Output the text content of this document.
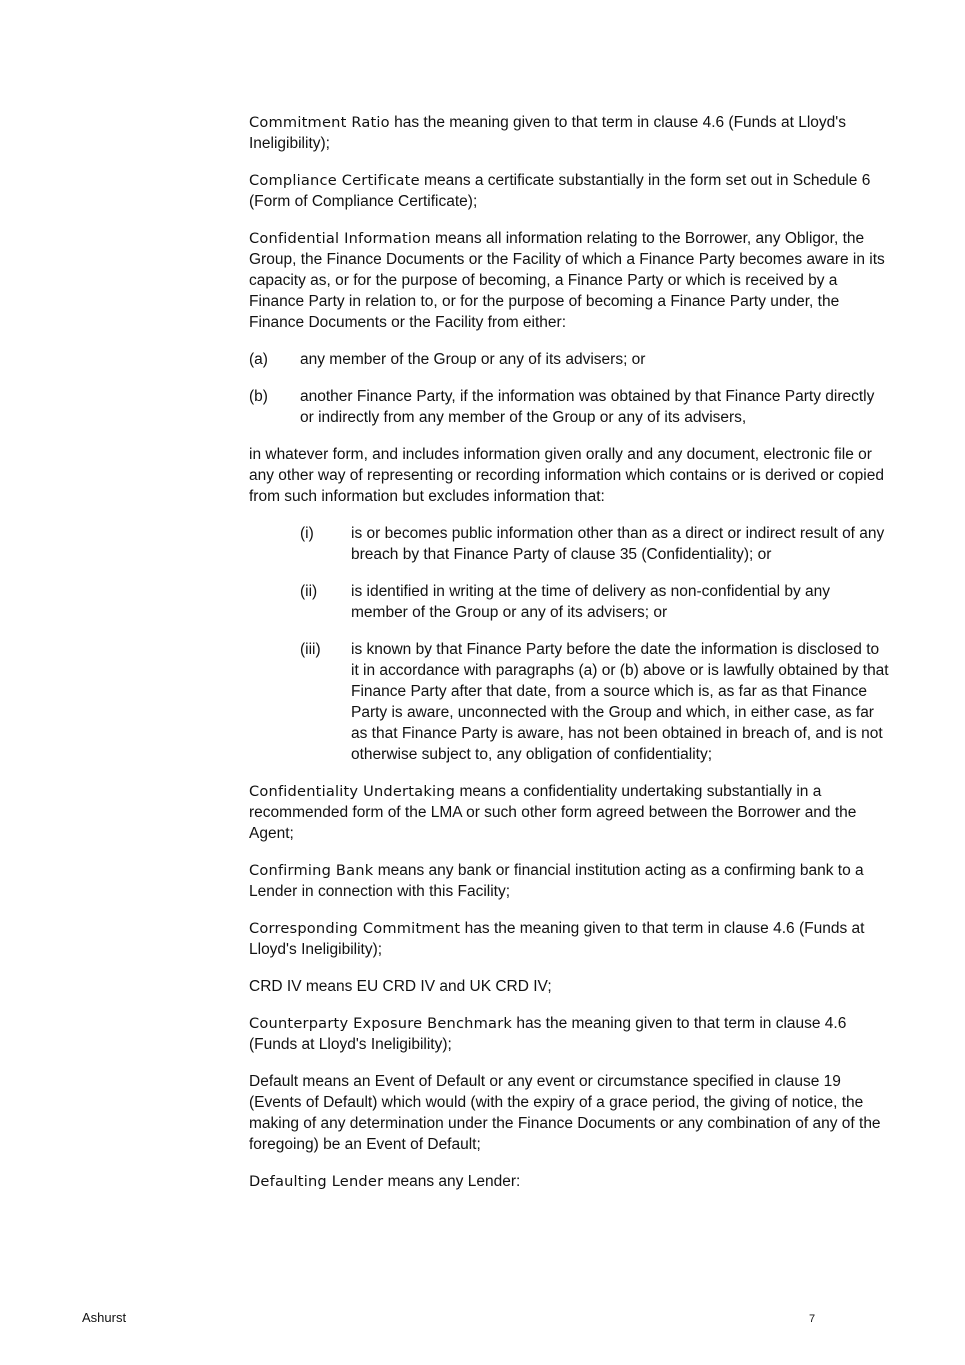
Commitment Ratio has the meaning given to that term in clause 4.6 (Funds at Lloyd's Ineligibility);

Compliance Certificate means a certificate substantially in the form set out in Schedule 6 (Form of Compliance Certificate);

Confidential Information means all information relating to the Borrower, any Obligor, the Group, the Finance Documents or the Facility of which a Finance Party becomes aware in its capacity as, or for the purpose of becoming, a Finance Party or which is received by a Finance Party in relation to, or for the purpose of becoming a Finance Party under, the Finance Documents or the Facility from either:

(a)	any member of the Group or any of its advisers; or
(b)	another Finance Party, if the information was obtained by that Finance Party directly or indirectly from any member of the Group or any of its advisers,

in whatever form, and includes information given orally and any document, electronic file or any other way of representing or recording information which contains or is derived or copied from such information but excludes information that:

(i)	is or becomes public information other than as a direct or indirect result of any breach by that Finance Party of clause 35 (Confidentiality); or
(ii)	is identified in writing at the time of delivery as non-confidential by any member of the Group or any of its advisers; or
(iii)	is known by that Finance Party before the date the information is disclosed to it in accordance with paragraphs (a) or (b) above or is lawfully obtained by that Finance Party after that date, from a source which is, as far as that Finance Party is aware, unconnected with the Group and which, in either case, as far as that Finance Party is aware, has not been obtained in breach of, and is not otherwise subject to, any obligation of confidentiality;

Confidentiality Undertaking means a confidentiality undertaking substantially in a recommended form of the LMA or such other form agreed between the Borrower and the Agent;

Confirming Bank means any bank or financial institution acting as a confirming bank to a Lender in connection with this Facility;

Corresponding Commitment has the meaning given to that term in clause 4.6 (Funds at Lloyd's Ineligibility);

CRD IV means EU CRD IV and UK CRD IV;

Counterparty Exposure Benchmark has the meaning given to that term in clause 4.6 (Funds at Lloyd's Ineligibility);

Default means an Event of Default or any event or circumstance specified in clause 19 (Events of Default) which would (with the expiry of a grace period, the giving of notice, the making of any determination under the Finance Documents or any combination of any of the foregoing) be an Event of Default;

Defaulting Lender means any Lender:

Ashurst	7
